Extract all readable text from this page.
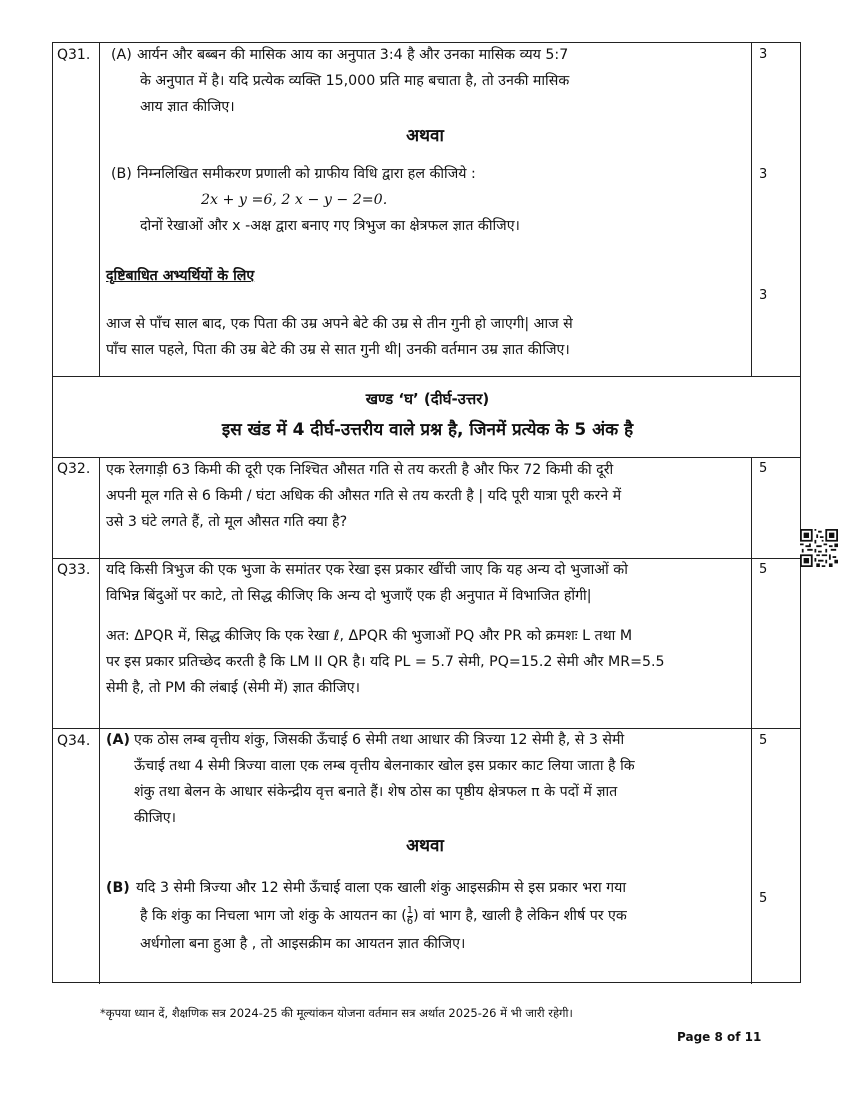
Q31.	3
(A) आर्यन और बब्बन की मासिक आय का अनुपात 3:4 है और उनका मासिक व्यय 5:7
के अनुपात में है। यदि प्रत्येक व्यक्ति 15,000 प्रति माह बचाता है, तो उनकी मासिक
आय ज्ञात कीजिए।
अथवा
3
(B) निम्नलिखित समीकरण प्रणाली को ग्राफीय विधि द्वारा हल कीजिये :
2x + y =6, 2 x − y − 2=0.
दोनों रेखाओं और x -अक्ष द्वारा बनाए गए त्रिभुज का क्षेत्रफल ज्ञात कीजिए।
दृष्टिबाधित अभ्यर्थियों के लिए
3
आज से पाँच साल बाद, एक पिता की उम्र अपने बेटे की उम्र से तीन गुनी हो जाएगी| आज से
पाँच साल पहले, पिता की उम्र बेटे की उम्र से सात गुनी थी| उनकी वर्तमान उम्र ज्ञात कीजिए।
खण्ड ‘घ’ (दीर्घ-उत्तर)
इस खंड में 4 दीर्घ-उत्तरीय वाले प्रश्न है, जिनमें प्रत्येक के 5 अंक है
Q32.	5
एक रेलगाड़ी 63 किमी की दूरी एक निश्चित औसत गति से तय करती है और फिर 72 किमी की दूरी
अपनी मूल गति से 6 किमी / घंटा अधिक की औसत गति से तय करती है | यदि पूरी यात्रा पूरी करने में
उसे 3 घंटे लगते हैं, तो मूल औसत गति क्या है?
Q33.	5
यदि किसी त्रिभुज की एक भुजा के समांतर एक रेखा इस प्रकार खींची जाए कि यह अन्य दो भुजाओं को
विभिन्न बिंदुओं पर काटे, तो सिद्ध कीजिए कि अन्य दो भुजाएँ एक ही अनुपात में विभाजित होंगी|
अत: ΔPQR में, सिद्ध कीजिए कि एक रेखा ℓ, ΔPQR की भुजाओं PQ और PR को क्रमशः L तथा M
पर इस प्रकार प्रतिच्छेद करती है कि LM II QR है। यदि PL = 5.7 सेमी, PQ=15.2 सेमी और MR=5.5
सेमी है, तो PM की लंबाई (सेमी में) ज्ञात कीजिए।
Q34.	5
(A) एक ठोस लम्ब वृत्तीय शंकु, जिसकी ऊँचाई 6 सेमी तथा आधार की त्रिज्या 12 सेमी है, से 3 सेमी
ऊँचाई तथा 4 सेमी त्रिज्या वाला एक लम्ब वृत्तीय बेलनाकार खोल इस प्रकार काट लिया जाता है कि
शंकु तथा बेलन के आधार संकेन्द्रीय वृत्त बनाते हैं। शेष ठोस का पृष्ठीय क्षेत्रफल π के पदों में ज्ञात
कीजिए।
अथवा
5
(B) यदि 3 सेमी त्रिज्या और 12 सेमी ऊँचाई वाला एक खाली शंकु आइसक्रीम से इस प्रकार भरा गया
है कि शंकु का निचला भाग जो शंकु के आयतन का ( $\frac{1}{6}$ ) वां भाग है, खाली है लेकिन शीर्ष पर एक
अर्धगोला बना हुआ है , तो आइसक्रीम का आयतन ज्ञात कीजिए।
*कृपया ध्यान दें, शैक्षणिक सत्र 2024-25 की मूल्यांकन योजना वर्तमान सत्र अर्थात 2025-26 में भी जारी रहेगी।
Page 8 of 11
